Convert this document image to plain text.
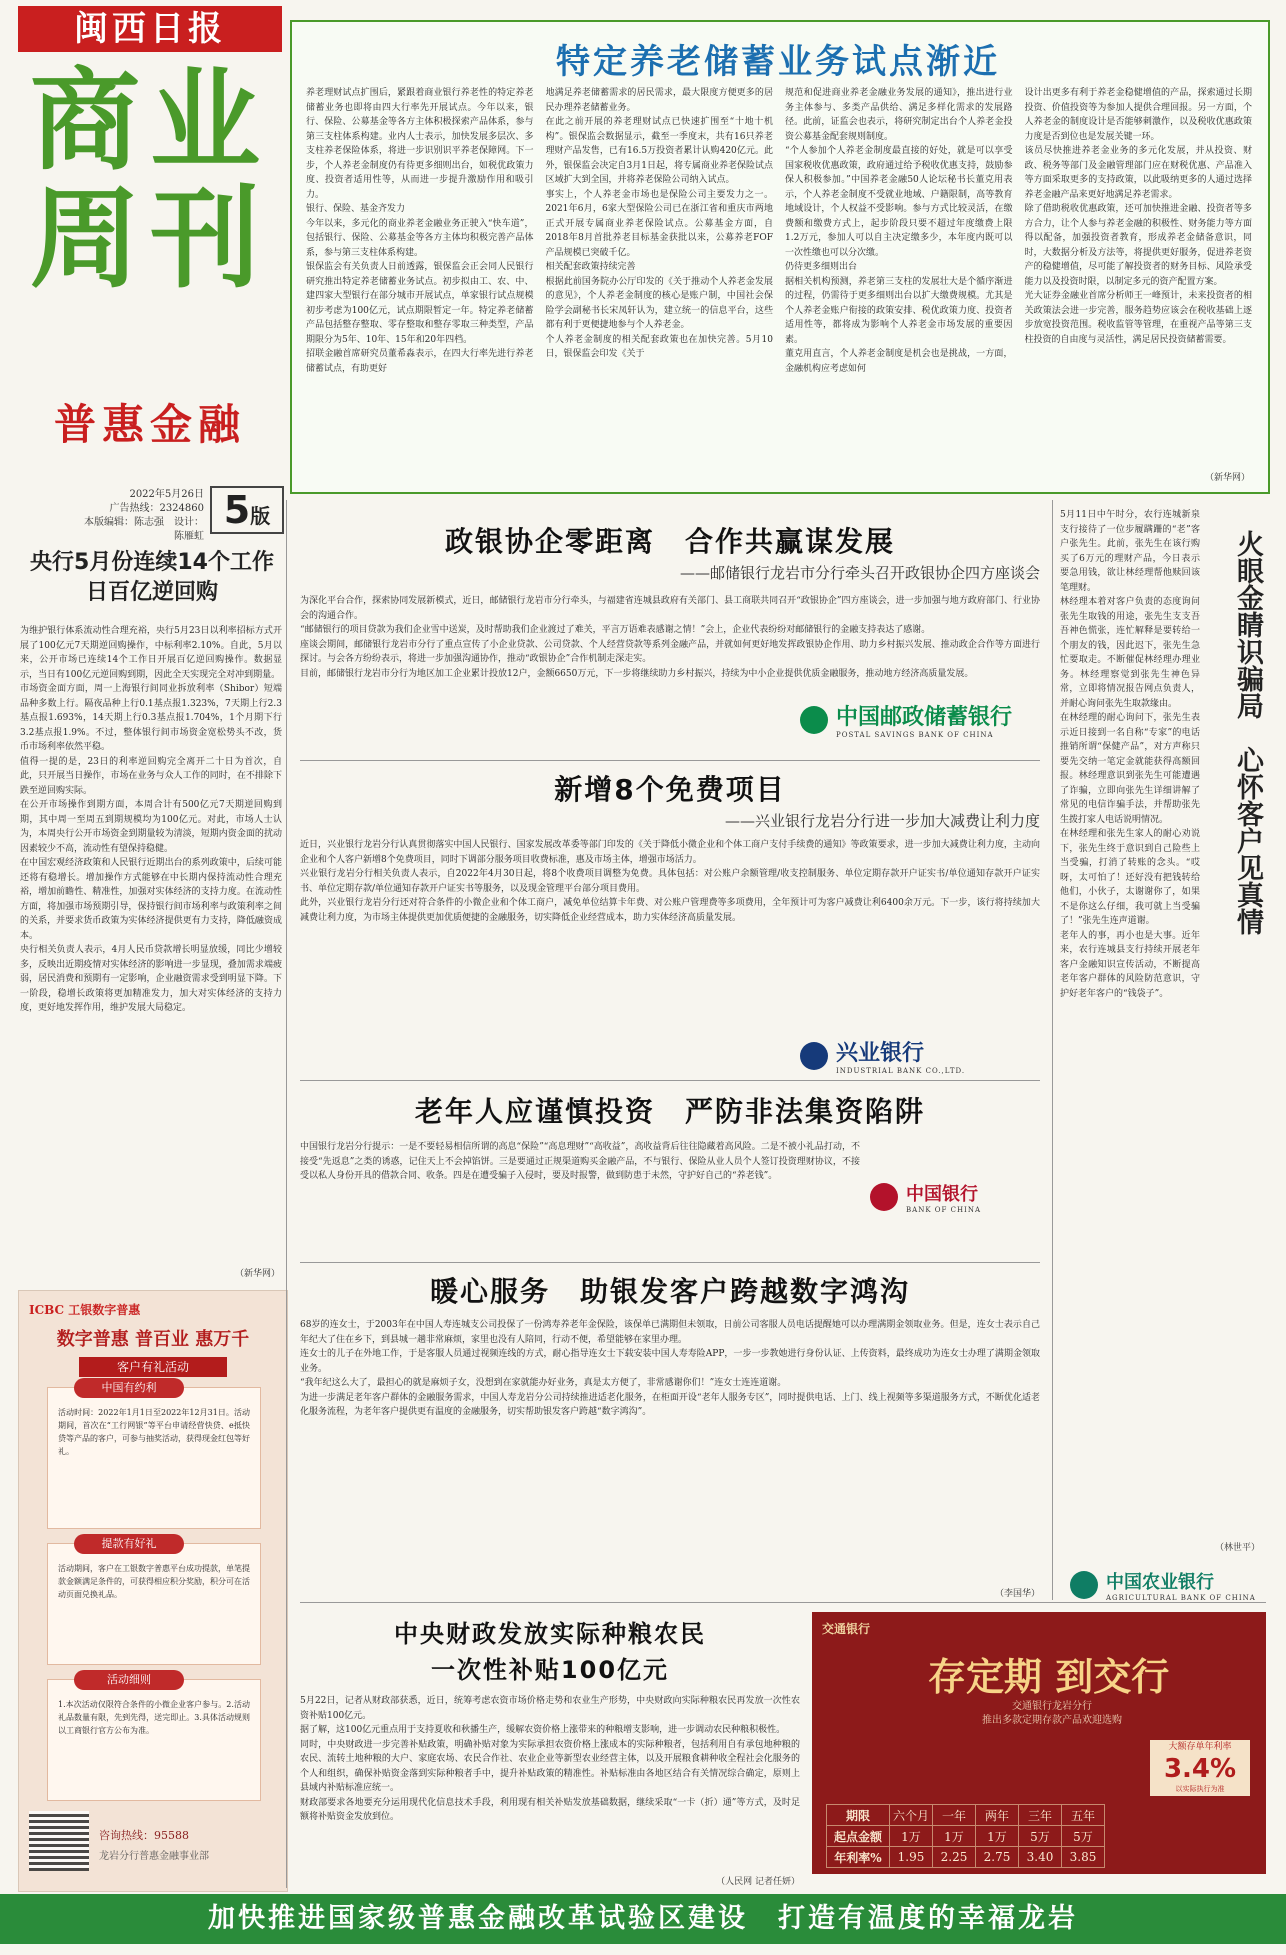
闽西日报
商业
周刊
普惠金融
2022年5月26日
广告热线：2324860
本版编辑：陈志强　设计：陈雁虹
5版
特定养老储蓄业务试点渐近
养老理财试点扩围后，紧跟着商业银行养老性的特定养老储蓄业务也即将由四大行率先开展试点。今年以来，银行、保险、公募基金等各方主体积极探索产品体系，参与第三支柱体系构建。业内人士表示，加快发展多层次、多支柱养老保险体系，将进一步识别识平养老保障网。下一步，个人养老金制度仍有待更多细则出台，如税优政策力度、投资者适用性等，从而进一步提升激励作用和吸引力。
银行、保险、基金齐发力
今年以来，多元化的商业养老金融业务正驶入“快车道”，包括银行、保险、公募基金等各方主体均积极完善产品体系，参与第三支柱体系构建。
银保监会有关负责人日前透露，银保监会正会同人民银行研究推出特定养老储蓄业务试点。初步拟由工、农、中、建四家大型银行在部分城市开展试点，单家银行试点规模初步考虑为100亿元，试点期限暂定一年。特定养老储蓄产品包括整存整取、零存整取和整存零取三种类型，产品期限分为5年、10年、15年和20年四档。
招联金融首席研究员董希淼表示，在四大行率先进行养老储蓄试点，有助更好
地满足养老储蓄需求的居民需求，最大限度方便更多的居民办理养老储蓄业务。
在此之前开展的养老理财试点已快速扩围至“十地十机构”。银保监会数据显示，截至一季度末，共有16只养老理财产品发售，已有16.5万投资者累计认购420亿元。此外，银保监会决定自3月1日起，将专属商业养老保险试点区域扩大到全国，并将养老保险公司纳入试点。
事实上，个人养老金市场也是保险公司主要发力之一。2021年6月，6家大型保险公司已在浙江省和重庆市两地正式开展专属商业养老保险试点。公募基金方面，自2018年8月首批养老目标基金获批以来，公募养老FOF产品规模已突破千亿。
相关配套政策持续完善
根据此前国务院办公厅印发的《关于推动个人养老金发展的意见》，个人养老金制度的核心是账户制，中国社会保险学会副秘书长宋凤轩认为，建立统一的信息平台，这些都有利于更便捷地参与个人养老金。
个人养老金制度的相关配套政策也在加快完善。5月10日，银保监会印发《关于
规范和促进商业养老金融业务发展的通知》，推出进行业务主体参与、多类产品供给、满足多样化需求的发展路径。此前，证监会也表示，将研究制定出台个人养老金投资公募基金配套规则制度。
“个人参加个人养老金制度最直接的好处，就是可以享受国家税收优惠政策，政府通过给予税收优惠支持，鼓励参保人积极参加。”中国养老金融50人论坛秘书长董克用表示，个人养老金制度不受就业地域、户籍限制，高等教育地域设计，个人权益不受影响。参与方式比较灵活，在缴费额和缴费方式上，起步阶段只要不超过年度缴费上限1.2万元，参加人可以自主决定缴多少，本年度内既可以一次性缴也可以分次缴。
仍待更多细则出台
据相关机构预测，养老第三支柱的发展壮大是个循序渐进的过程，仍需待于更多细则出台以扩大缴费规模。尤其是个人养老金账户衔接的政策安排、税优政策力度、投资者适用性等，都将成为影响个人养老金市场发展的重要因素。
董克用直言，个人养老金制度是机会也是挑战，一方面，金融机构应考虑如何
设计出更多有利于养老金稳健增值的产品，探索通过长期投资、价值投资等为参加人提供合理回报。另一方面，个人养老金的制度设计是否能够刺激作，以及税收优惠政策力度是否到位也是发展关键一环。
该员尽快推进养老金业务的多元化发展，并从投资、财政、税务等部门及金融管理部门应在财税优惠、产品准入等方面采取更多的支持政策，以此吸纳更多的人通过选择养老金融产品来更好地满足养老需求。
除了借助税收优惠政策，还可加快推进金融、投资者等多方合力，让个人参与养老金融的积极性、财务能力等方面得以配备，加强投资者教育，形成养老金储备意识，同时，大数据分析及方法等，将提供更好服务，促进养老资产的稳健增值，尽可能了解投资者的财务目标、风险承受能力以及投资时限，以制定多元的资产配置方案。
光大证券金融业首席分析师王一峰预计，未来投资者的相关政策法会进一步完善，服务趋势应该会在税收基础上逐步放宽投资范围。税收监管等管理，在重视产品等第三支柱投资的自由度与灵活性，满足居民投资储蓄需要。
（新华网）
央行5月份连续14个工作日百亿逆回购
为维护银行体系流动性合理充裕，央行5月23日以利率招标方式开展了100亿元7天期逆回购操作，中标利率2.10%。自此，5月以来，公开市场已连续14个工作日开展百亿逆回购操作。数据显示，当日有100亿元逆回购到期，因此全天实现完全对冲到期量。
市场资金面方面，周一上海银行间同业拆放利率（Shibor）短端品种多数上行。隔夜品种上行0.1基点报1.323%，7天期上行2.3基点报1.693%，14天期上行0.3基点报1.704%，1个月期下行3.2基点报1.9%。不过，整体银行间市场资金宽松势头不改，货币市场利率依然平稳。
值得一提的是，23日的利率逆回购完全离开二十日为首次，自此，只开展当日操作，市场在业务与众人工作的同时，在不排除下跌至逆回购实际。
在公开市场操作到期方面，本周合计有500亿元7天期逆回购到期，其中周一至周五到期规模均为100亿元。对此，市场人士认为，本周央行公开市场资金到期量较为清淡，短期内资金面的扰动因素较少不高，流动性有望保持稳健。
在中国宏观经济政策和人民银行近期出台的系列政策中，后续可能还将有稳增长。增加操作方式能够在中长期内保持流动性合理充裕，增加前瞻性、精准性，加强对实体经济的支持力度。在流动性方面，将加强市场预期引导，保持银行间市场利率与政策利率之间的关系，并要求货币政策为实体经济提供更有力支持，降低融资成本。
央行相关负责人表示，4月人民币贷款增长明显放缓，同比少增较多，反映出近期疫情对实体经济的影响进一步显现，叠加需求端疲弱，居民消费和预期有一定影响，企业融资需求受到明显下降。下一阶段，稳增长政策将更加精准发力，加大对实体经济的支持力度，更好地发挥作用，维护发展大局稳定。
（新华网）
ICBC 工银数字普惠
数字普惠 普百业 惠万千
客户有礼活动
中国有约利
活动时间：2022年1月1日至2022年12月31日。活动期间，首次在“工行网银”等平台申请经营快贷、e抵快贷等产品的客户，可参与抽奖活动，获得现金红包等好礼。
提款有好礼
活动期间，客户在工银数字普惠平台成功提款，单笔提款金额满足条件的，可获得相应积分奖励，积分可在活动页面兑换礼品。
活动细则
1.本次活动仅限符合条件的小微企业客户参与。2.活动礼品数量有限，先到先得，送完即止。3.具体活动规则以工商银行官方公布为准。
咨询热线：95588
龙岩分行普惠金融事业部
政银协企零距离　合作共赢谋发展
——邮储银行龙岩市分行牵头召开政银协企四方座谈会
为深化平台合作，探索协同发展新模式，近日，邮储银行龙岩市分行牵头，与福建省连城县政府有关部门、县工商联共同召开“政银协企”四方座谈会，进一步加强与地方政府部门、行业协会的沟通合作。
“邮储银行的项目贷款为我们企业雪中送炭，及时帮助我们企业渡过了难关，平言万语难表感谢之情！”会上，企业代表纷纷对邮储银行的金融支持表达了感谢。
座谈会期间，邮储银行龙岩市分行了重点宣传了小企业贷款、公司贷款、个人经营贷款等系列金融产品，并就如何更好地发挥政银协企作用、助力乡村振兴发展、推动政企合作等方面进行探讨。与会各方纷纷表示，将进一步加强沟通协作，推动“政银协企”合作机制走深走实。
目前，邮储银行龙岩市分行为地区加工企业累计投放12户，金额6650万元，下一步将继续助力乡村振兴，持续为中小企业提供优质金融服务，推动地方经济高质量发展。
中国邮政储蓄银行
POSTAL SAVINGS BANK OF CHINA
新增8个免费项目
——兴业银行龙岩分行进一步加大减费让利力度
近日，兴业银行龙岩分行认真贯彻落实中国人民银行、国家发展改革委等部门印发的《关于降低小微企业和个体工商户支付手续费的通知》等政策要求，进一步加大减费让利力度，主动向企业和个人客户新增8个免费项目，同时下调部分服务项目收费标准，惠及市场主体，增强市场活力。
兴业银行龙岩分行相关负责人表示，自2022年4月30日起，将8个收费项目调整为免费。具体包括：对公账户余额管理/收支控制服务、单位定期存款开户证实书/单位通知存款开户证实书、单位定期存款/单位通知存款开户证实书等服务，以及现金管理平台部分项目费用。
此外，兴业银行龙岩分行还对符合条件的小微企业和个体工商户，减免单位结算卡年费、对公账户管理费等多项费用，全年预计可为客户减费让利6400余万元。下一步，该行将持续加大减费让利力度，为市场主体提供更加优质便捷的金融服务，切实降低企业经营成本，助力实体经济高质量发展。
兴业银行
INDUSTRIAL BANK CO.,LTD.
老年人应谨慎投资　严防非法集资陷阱
中国银行龙岩分行提示：一是不要轻易相信所谓的高息“保险”“高息理财”“高收益”，高收益背后往往隐藏着高风险。二是不被小礼品打动，不接受“先返息”之类的诱惑，记住天上不会掉馅饼。三是要通过正规渠道购买金融产品，不与银行、保险从业人员个人签订投资理财协议，不接受以私人身份开具的借款合同、收条。四是在遭受骗子入侵时，要及时报警，做到防患于未然，守护好自己的“养老钱”。
中国银行
BANK OF CHINA
暖心服务　助银发客户跨越数字鸿沟
68岁的连女士，于2003年在中国人寿连城支公司投保了一份鸿寿养老年金保险，该保单已满期但未领取，日前公司客服人员电话提醒她可以办理满期金领取业务。但是，连女士表示自己年纪大了住在乡下，到县城一趟非常麻烦，家里也没有人陪同，行动不便，希望能够在家里办理。
连女士的儿子在外地工作，于是客服人员通过视频连线的方式，耐心指导连女士下载安装中国人寿寿险APP，一步一步教她进行身份认证、上传资料，最终成功为连女士办理了满期金领取业务。
“我年纪这么大了，最担心的就是麻烦子女，没想到在家就能办好业务，真是太方便了，非常感谢你们！”连女士连连道谢。
为进一步满足老年客户群体的金融服务需求，中国人寿龙岩分公司持续推进适老化服务，在柜面开设“老年人服务专区”，同时提供电话、上门、线上视频等多渠道服务方式，不断优化适老化服务流程，为老年客户提供更有温度的金融服务，切实帮助银发客户跨越“数字鸿沟”。
（李国华）
中央财政发放实际种粮农民
一次性补贴100亿元
5月22日，记者从财政部获悉，近日，统筹考虑农资市场价格走势和农业生产形势，中央财政向实际种粮农民再发放一次性农资补贴100亿元。
据了解，这100亿元重点用于支持夏收和秋播生产，缓解农资价格上涨带来的种粮增支影响，进一步调动农民种粮积极性。
同时，中央财政进一步完善补贴政策，明确补贴对象为实际承担农资价格上涨成本的实际种粮者，包括利用自有承包地种粮的农民、流转土地种粮的大户、家庭农场、农民合作社、农业企业等新型农业经营主体，以及开展粮食耕种收全程社会化服务的个人和组织，确保补贴资金落到实际种粮者手中，提升补贴政策的精准性。补贴标准由各地区结合有关情况综合确定，原则上县域内补贴标准应统一。
财政部要求各地要充分运用现代化信息技术手段，利用现有相关补贴发放基础数据，继续采取“一卡（折）通”等方式，及时足额将补贴资金发放到位。
（人民网 记者任妍）
火眼金睛识骗局　心怀客户见真情
5月11日中午时分，农行连城新泉支行接待了一位步履蹒跚的“老”客户张先生。此前，张先生在该行购买了6万元的理财产品，今日表示要急用钱，欲让林经理帮他赎回该笔理财。
林经理本着对客户负责的态度询问张先生取钱的用途，张先生支支吾吾神色慌张，连忙解释是要转给一个朋友的钱，因此迟下，张先生急忙要取走。不断催促林经理办理业务。林经理察觉到张先生神色异常，立即将情况报告网点负责人，并耐心询问张先生取款缘由。
在林经理的耐心询问下，张先生表示近日接到一名自称“专家”的电话推销所谓“保健产品”，对方声称只要先交纳一笔定金就能获得高额回报。林经理意识到张先生可能遭遇了诈骗，立即向张先生详细讲解了常见的电信诈骗手法，并帮助张先生拨打家人电话说明情况。
在林经理和张先生家人的耐心劝说下，张先生终于意识到自己险些上当受骗，打消了转账的念头。“哎呀，太可怕了！还好没有把钱转给他们，小伙子，太谢谢你了，如果不是你这么仔细，我可就上当受骗了！”张先生连声道谢。
老年人的事，再小也是大事。近年来，农行连城县支行持续开展老年客户金融知识宣传活动，不断提高老年客户群体的风险防范意识，守护好老年客户的“钱袋子”。
（林世平）
中国农业银行
AGRICULTURAL BANK OF CHINA
交通银行
存定期 到交行
交通银行龙岩分行
推出多款定期存款产品欢迎选购
大额存单年利率
3.4%
以实际执行为准
期限	六个月	一年	两年	三年	五年
起点金额	1万	1万	1万	5万	5万
年利率%	1.95	2.25	2.75	3.40	3.85
加快推进国家级普惠金融改革试验区建设　打造有温度的幸福龙岩
